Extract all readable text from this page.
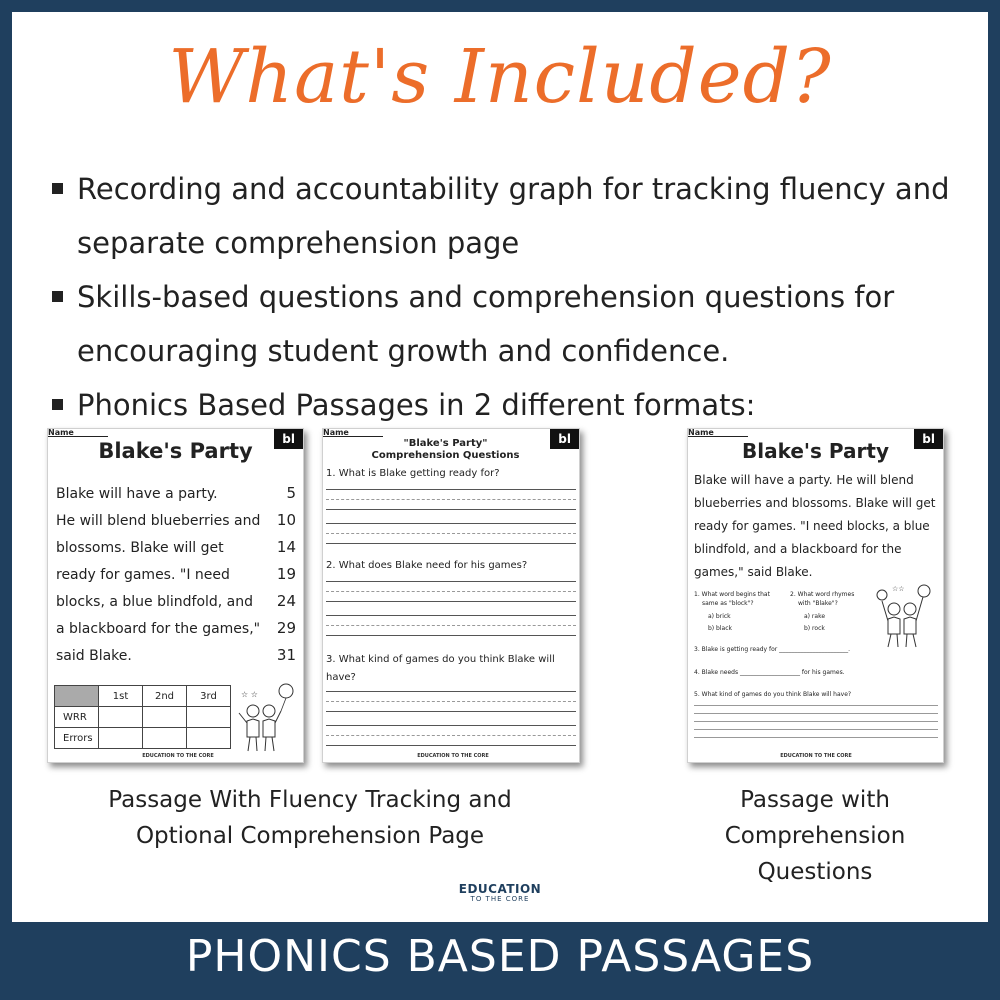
What's Included?
Recording and accountability graph for tracking fluency and
separate comprehension page
Skills-based questions and comprehension questions for
encouraging student growth and confidence.
Phonics Based Passages in 2 different formats:
Name	bl
Blake's Party
Blake will have a party.	5
He will blend blueberries and	10
blossoms. Blake will get	14
ready for games. "I need	19
blocks, a blue blindfold, and	24
a blackboard for the games,"	29
said Blake.	31
	1st	2nd	3rd
WRR			
Errors			
☆ ☆
EDUCATION TO THE CORE
Name	bl
"Blake's Party"
Comprehension Questions
1. What is Blake getting ready for?
2. What does Blake need for his games?
3. What kind of games do you think Blake will
have?
EDUCATION TO THE CORE
Name	bl
Blake's Party
Blake will have a party. He will blend
blueberries and blossoms. Blake will get
ready for games. "I need blocks, a blue
blindfold, and a blackboard for the
games," said Blake.
1. What word begins that
same as "block"?
a) brick
b) black
2. What word rhymes
with "Blake"?
a) rake
b) rock
☆☆
3. Blake is getting ready for _______________________.
4. Blake needs ____________________ for his games.
5. What kind of games do you think Blake will have?
EDUCATION TO THE CORE
Passage With Fluency Tracking and
Optional Comprehension Page
Passage with
Comprehension
Questions
EDUCATION
TO THE CORE
PHONICS BASED PASSAGES
